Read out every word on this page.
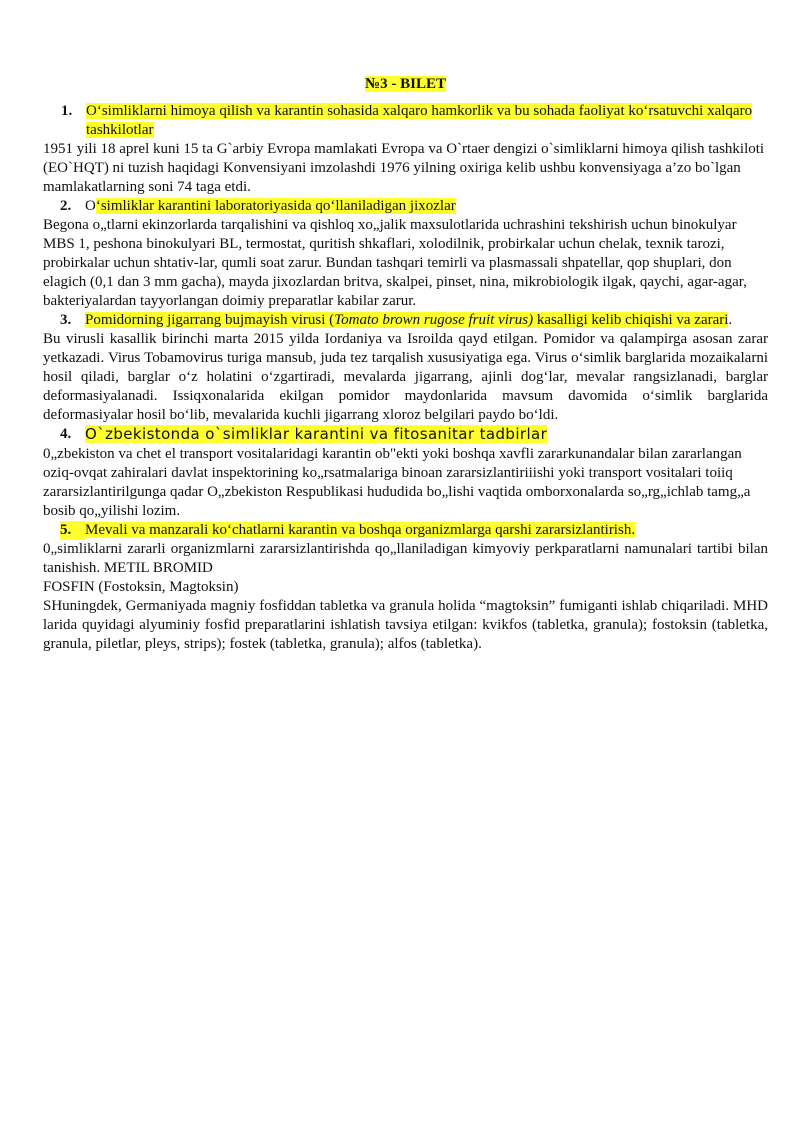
№3 - BILET

1. O‘simliklarni himoya qilish va karantin sohasida xalqaro hamkorlik va bu sohada faoliyat ko‘rsatuvchi xalqaro tashkilotlar

1951 yili 18 aprel kuni 15 ta G`arbiy Evropa mamlakati Evropa va O`rtaer dengizi o`simliklarni himoya qilish tashkiloti (EO`HQT) ni tuzish haqidagi Konvensiyani imzolashdi 1976 yilning oxiriga kelib ushbu konvensiyaga a’zo bo`lgan mamlakatlarning soni 74 taga etdi.

2. O‘simliklar karantini laboratoriyasida qo‘llaniladigan jixozlar

Begona o„tlarni ekinzorlarda tarqalishini va qishloq xo„jalik maxsulotlarida uchrashini tekshirish uchun binokulyar MBS 1, peshona binokulyari BL, termostat, quritish shkaflari, xolodilnik, probirkalar uchun chelak, texnik tarozi, probirkalar uchun shtativ-lar, qumli soat zarur. Bundan tashqari temirli va plasmassali shpatellar, qop shuplari, don elagich (0,1 dan 3 mm gacha), mayda jixozlardan britva, skalpei, pinset, nina, mikrobiologik ilgak, qaychi, agar-agar, bakteriyalardan tayyorlangan doimiy preparatlar kabilar zarur.

3. Pomidorning jigarrang bujmayish virusi (Tomato brown rugose fruit virus) kasalligi kelib chiqishi va zarari.

Bu virusli kasallik birinchi marta 2015 yilda Iordaniya va Isroilda qayd etilgan. Pomidor va qalampirga asosan zarar yetkazadi. Virus Tobamovirus turiga mansub, juda tez tarqalish xususiyatiga ega. Virus o‘simlik barglarida mozaikalarni hosil qiladi, barglar o‘z holatini o‘zgartiradi, mevalarda jigarrang, ajinli dog‘lar, mevalar rangsizlanadi, barglar deformasiyalanadi. Issiqxonalarida ekilgan pomidor maydonlarida mavsum davomida o‘simlik barglarida deformasiyalar hosil bo‘lib, mevalarida kuchli jigarrang xloroz belgilari paydo bo‘ldi.

4. O`zbekistonda o`simliklar karantini va fitosanitar tadbirlar

0„zbekiston va chet el transport vositalaridagi karantin ob"ekti yoki boshqa xavfli zararkunandalar bilan zararlangan oziq-ovqat zahiralari davlat inspektorining ko„rsatmalariga binoan zararsizlantiriiishi yoki transport vositalari toiiq zararsizlantirilgunga qadar O„zbekiston Respublikasi hududida bo„lishi vaqtida omborxonalarda so„rg„ichlab tamg„a bosib qo„yilishi lozim.

5. Mevali va manzarali ko‘chatlarni karantin va boshqa organizmlarga qarshi zararsizlantirish.

0„simliklarni zararli organizmlarni zararsizlantirishda qo„llaniladigan kimyoviy perkparatlarni namunalari tartibi bilan tanishish. METIL BROMID

FOSFIN (Fostoksin, Magtoksin)

SHuningdek, Germaniyada magniy fosfiddan tabletka va granula holida “magtoksin” fumiganti ishlab chiqariladi. MHD larida quyidagi alyuminiy fosfid preparatlarini ishlatish tavsiya etilgan: kvikfos (tabletka, granula); fostoksin (tabletka, granula, piletlar, pleys, strips); fostek (tabletka, granula); alfos (tabletka).
